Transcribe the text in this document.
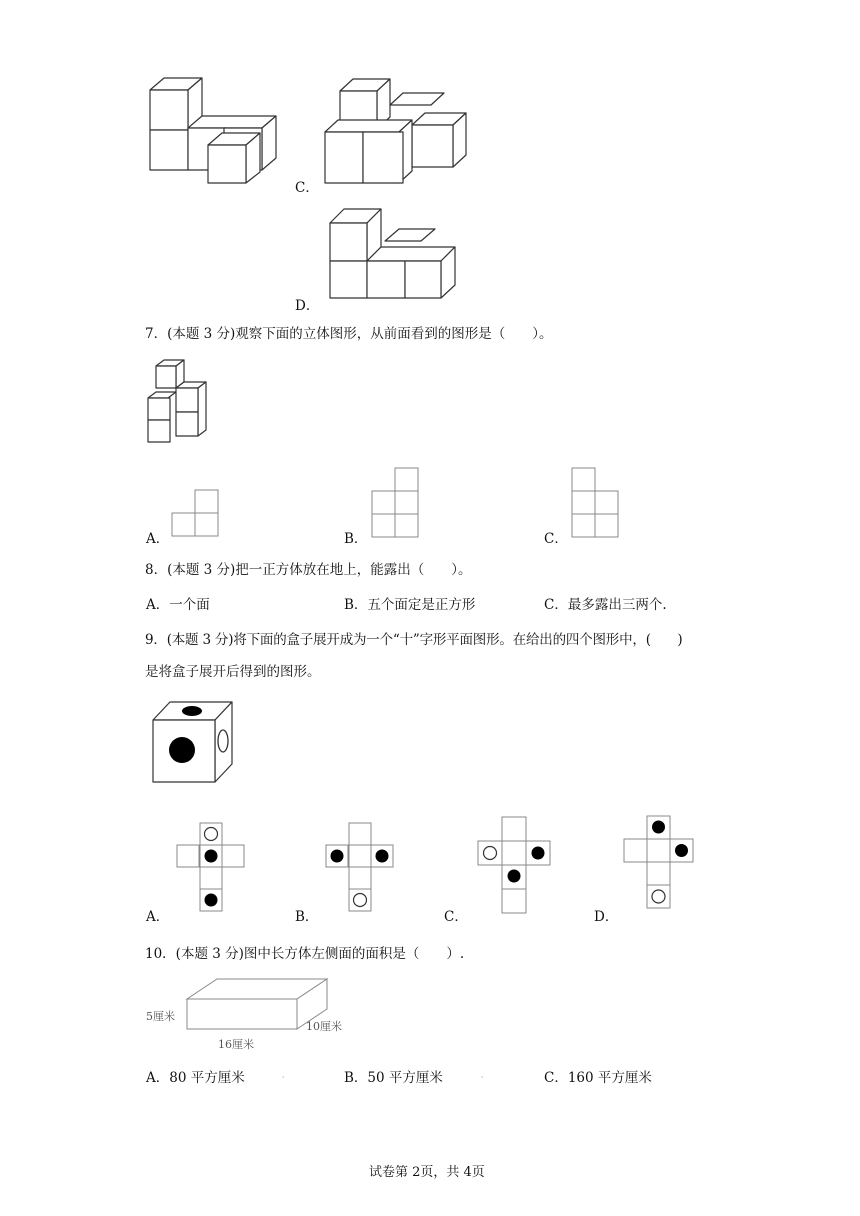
C．
D．
7．(本题 3 分)观察下面的立体图形，从前面看到的图形是（　　）。
A．	B．	C．
8．(本题 3 分)把一正方体放在地上，能露出（　　）。
A．一个面	B．五个面定是正方形	C．最多露出三两个.
9．(本题 3 分)将下面的盒子展开成为一个“十”字形平面图形。在给出的四个图形中，(　　)
是将盒子展开后得到的图形。
A．	B．	C．	D．
10．(本题 3 分)图中长方体左侧面的面积是（　　）.
5厘米
10厘米
16厘米
A．80 平方厘米	ˌ	B．50 平方厘米	ˌ	C．160 平方厘米
试卷第 2页，共 4页
